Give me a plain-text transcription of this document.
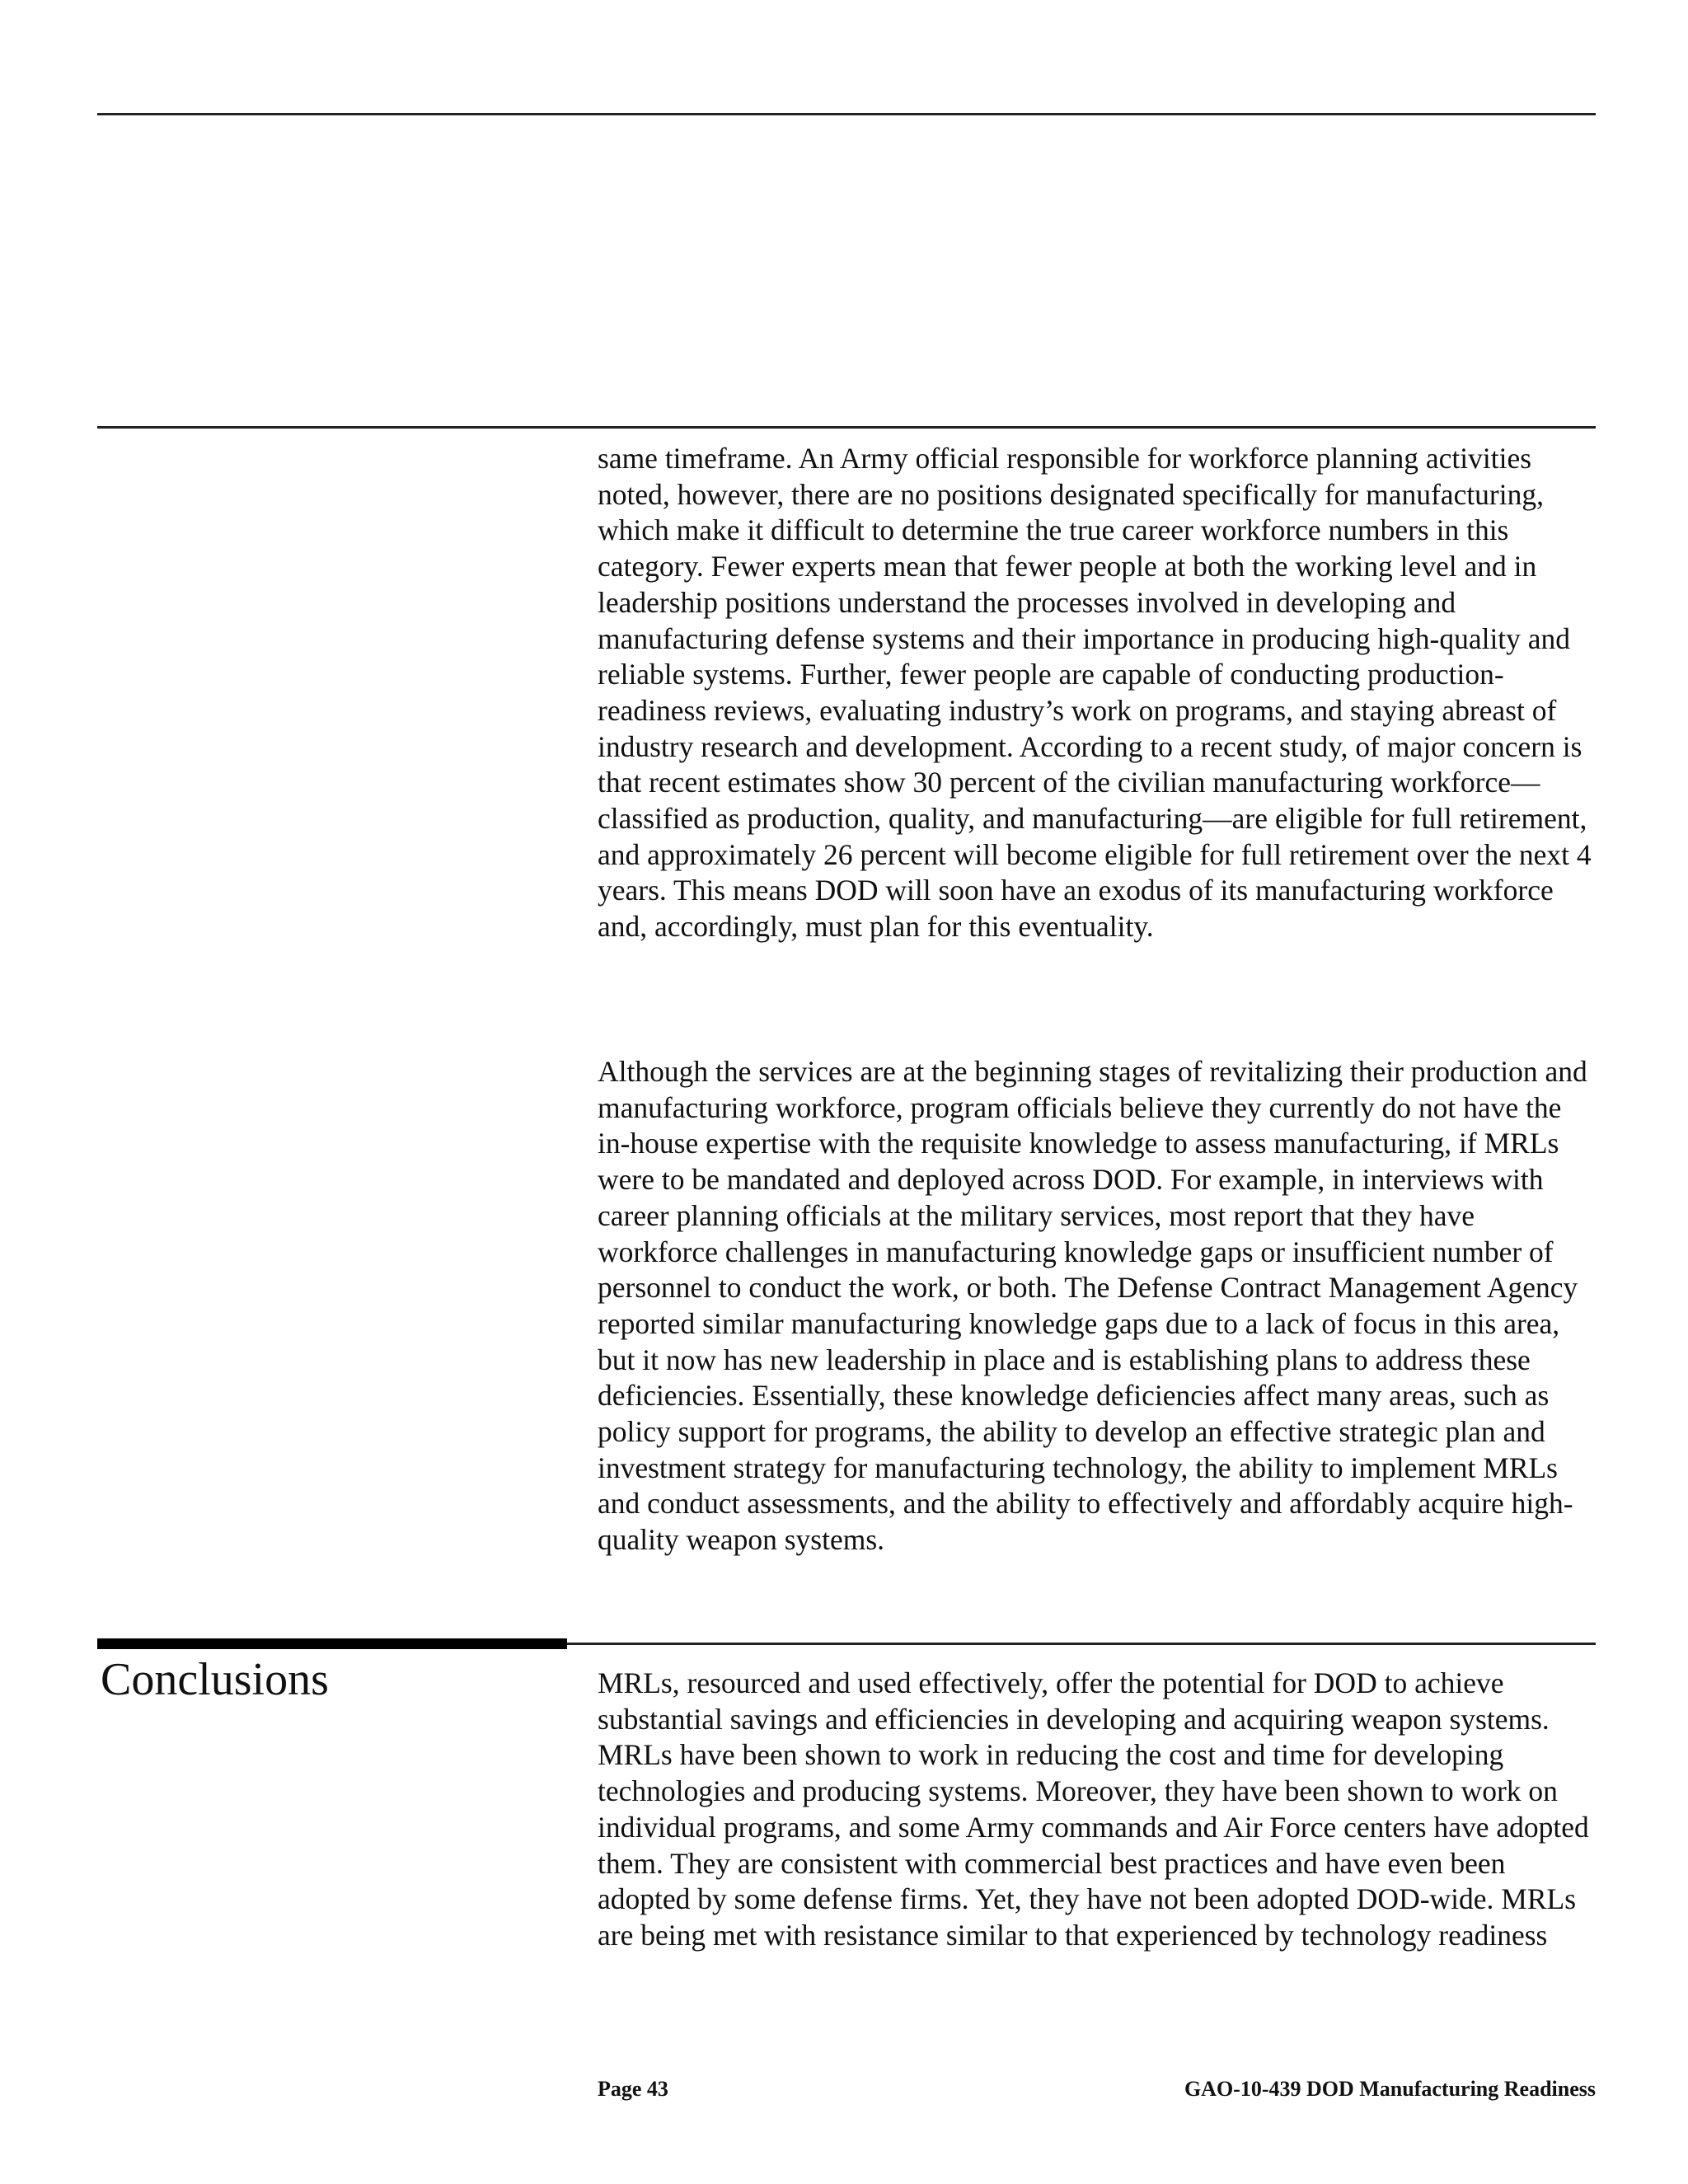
same timeframe. An Army official responsible for workforce planning activities noted, however, there are no positions designated specifically for manufacturing, which make it difficult to determine the true career workforce numbers in this category. Fewer experts mean that fewer people at both the working level and in leadership positions understand the processes involved in developing and manufacturing defense systems and their importance in producing high-quality and reliable systems. Further, fewer people are capable of conducting production-readiness reviews, evaluating industry’s work on programs, and staying abreast of industry research and development. According to a recent study, of major concern is that recent estimates show 30 percent of the civilian manufacturing workforce—classified as production, quality, and manufacturing—are eligible for full retirement, and approximately 26 percent will become eligible for full retirement over the next 4 years. This means DOD will soon have an exodus of its manufacturing workforce and, accordingly, must plan for this eventuality.

Although the services are at the beginning stages of revitalizing their production and manufacturing workforce, program officials believe they currently do not have the in-house expertise with the requisite knowledge to assess manufacturing, if MRLs were to be mandated and deployed across DOD. For example, in interviews with career planning officials at the military services, most report that they have workforce challenges in manufacturing knowledge gaps or insufficient number of personnel to conduct the work, or both. The Defense Contract Management Agency reported similar manufacturing knowledge gaps due to a lack of focus in this area, but it now has new leadership in place and is establishing plans to address these deficiencies. Essentially, these knowledge deficiencies affect many areas, such as policy support for programs, the ability to develop an effective strategic plan and investment strategy for manufacturing technology, the ability to implement MRLs and conduct assessments, and the ability to effectively and affordably acquire high-quality weapon systems.

Conclusions	MRLs, resourced and used effectively, offer the potential for DOD to achieve substantial savings and efficiencies in developing and acquiring weapon systems. MRLs have been shown to work in reducing the cost and time for developing technologies and producing systems. Moreover, they have been shown to work on individual programs, and some Army commands and Air Force centers have adopted them. They are consistent with commercial best practices and have even been adopted by some defense firms. Yet, they have not been adopted DOD-wide. MRLs are being met with resistance similar to that experienced by technology readiness

Page 43	GAO-10-439 DOD Manufacturing Readiness
